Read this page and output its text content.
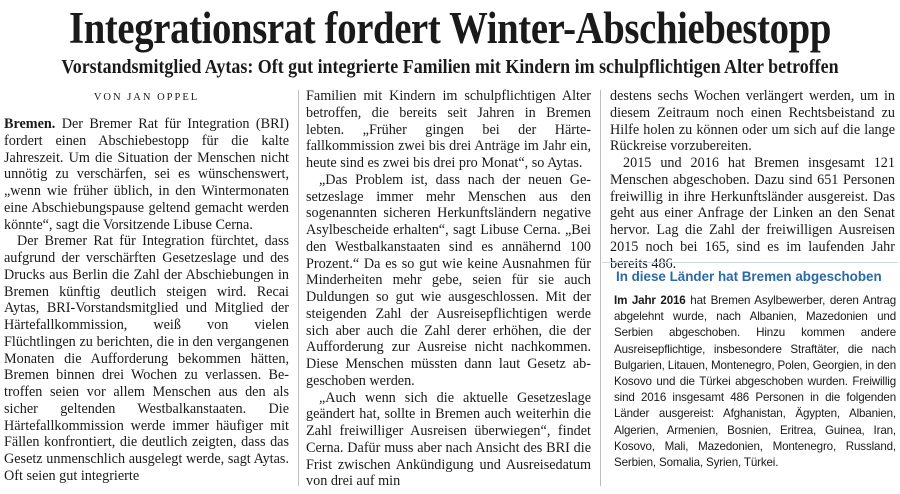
Integrationsrat fordert Winter-Abschiebestopp
Vorstandsmitglied Aytas: Oft gut integrierte Familien mit Kindern im schulpflichtigen Alter betroffen
VON JAN OPPEL

Bremen. Der Bremer Rat für Integration (BRI) fordert einen Abschiebestopp für die kalte Jahreszeit. Um die Situation der Menschen nicht unnötig zu verschärfen, sei es wünschenswert, „wenn wie früher üblich, in den Wintermonaten eine Abschiebungspause geltend gemacht werden könnte“, sagt die Vorsitzende Libuse Cerna.

Der Bremer Rat für Integration fürchtet, dass aufgrund der verschärften Gesetzeslage und des Drucks aus Berlin die Zahl der Abschiebungen in Bremen künftig deutlich steigen wird. Recai Aytas, BRI-Vorstandsmitglied und Mitglied der Härtefallkommission, weiß von vielen Flüchtlingen zu berichten, die in den vergangenen Monaten die Aufforderung bekommen hätten, Bremen binnen drei Wochen zu verlassen. Betroffen seien vor allem Menschen aus den als sicher geltenden Westbalkanstaaten. Die Härtefallkommission werde immer häufiger mit Fällen konfrontiert, die deutlich zeigten, dass das Gesetz unmenschlich ausgelegt werde, sagt Aytas. Oft seien gut integrierte

Familien mit Kindern im schulpflichtigen Alter betroffen, die bereits seit Jahren in Bremen lebten. „Früher gingen bei der Härtefallkommission zwei bis drei Anträge im Jahr ein, heute sind es zwei bis drei pro Monat“, so Aytas.

„Das Problem ist, dass nach der neuen Gesetzeslage immer mehr Menschen aus den sogenannten sicheren Herkunftsländern negative Asylbescheide erhalten“, sagt Libuse Cerna. „Bei den Westbalkanstaaten sind es annähernd 100 Prozent.“ Da es so gut wie keine Ausnahmen für Minderheiten mehr gebe, seien für sie auch Duldungen so gut wie ausgeschlossen. Mit der steigenden Zahl der Ausreisepflichtigen werde sich aber auch die Zahl derer erhöhen, die der Aufforderung zur Ausreise nicht nachkommen. Diese Menschen müssten dann laut Gesetz abgeschoben werden.

„Auch wenn sich die aktuelle Gesetzeslage geändert hat, sollte in Bremen auch weiterhin die Zahl freiwilliger Ausreisen überwiegen“, findet Cerna. Dafür muss aber nach Ansicht des BRI die Frist zwischen Ankündigung und Ausreisedatum von drei auf min

destens sechs Wochen verlängert werden, um in diesem Zeitraum noch einen Rechtsbeistand zu Hilfe holen zu können oder um sich auf die lange Rückreise vorzubereiten.

2015 und 2016 hat Bremen insgesamt 121 Menschen abgeschoben. Dazu sind 651 Personen freiwillig in ihre Herkunftsländer ausgereist. Das geht aus einer Anfrage der Linken an den Senat hervor. Lag die Zahl der freiwilligen Ausreisen 2015 noch bei 165, sind es im laufenden Jahr bereits 486.

In diese Länder hat Bremen abgeschoben

Im Jahr 2016 hat Bremen Asylbewerber, deren Antrag abgelehnt wurde, nach Albanien, Mazedonien und Serbien abgeschoben. Hinzu kommen andere Ausreisepflichtige, insbesondere Straftäter, die nach Bulgarien, Litauen, Montenegro, Polen, Georgien, in den Kosovo und die Türkei abgeschoben wurden. Freiwillig sind 2016 insgesamt 486 Personen in die folgenden Länder ausgereist: Afghanistan, Ägypten, Albanien, Algerien, Armenien, Bosnien, Eritrea, Guinea, Iran, Kosovo, Mali, Mazedonien, Montenegro, Russland, Serbien, Somalia, Syrien, Türkei.
